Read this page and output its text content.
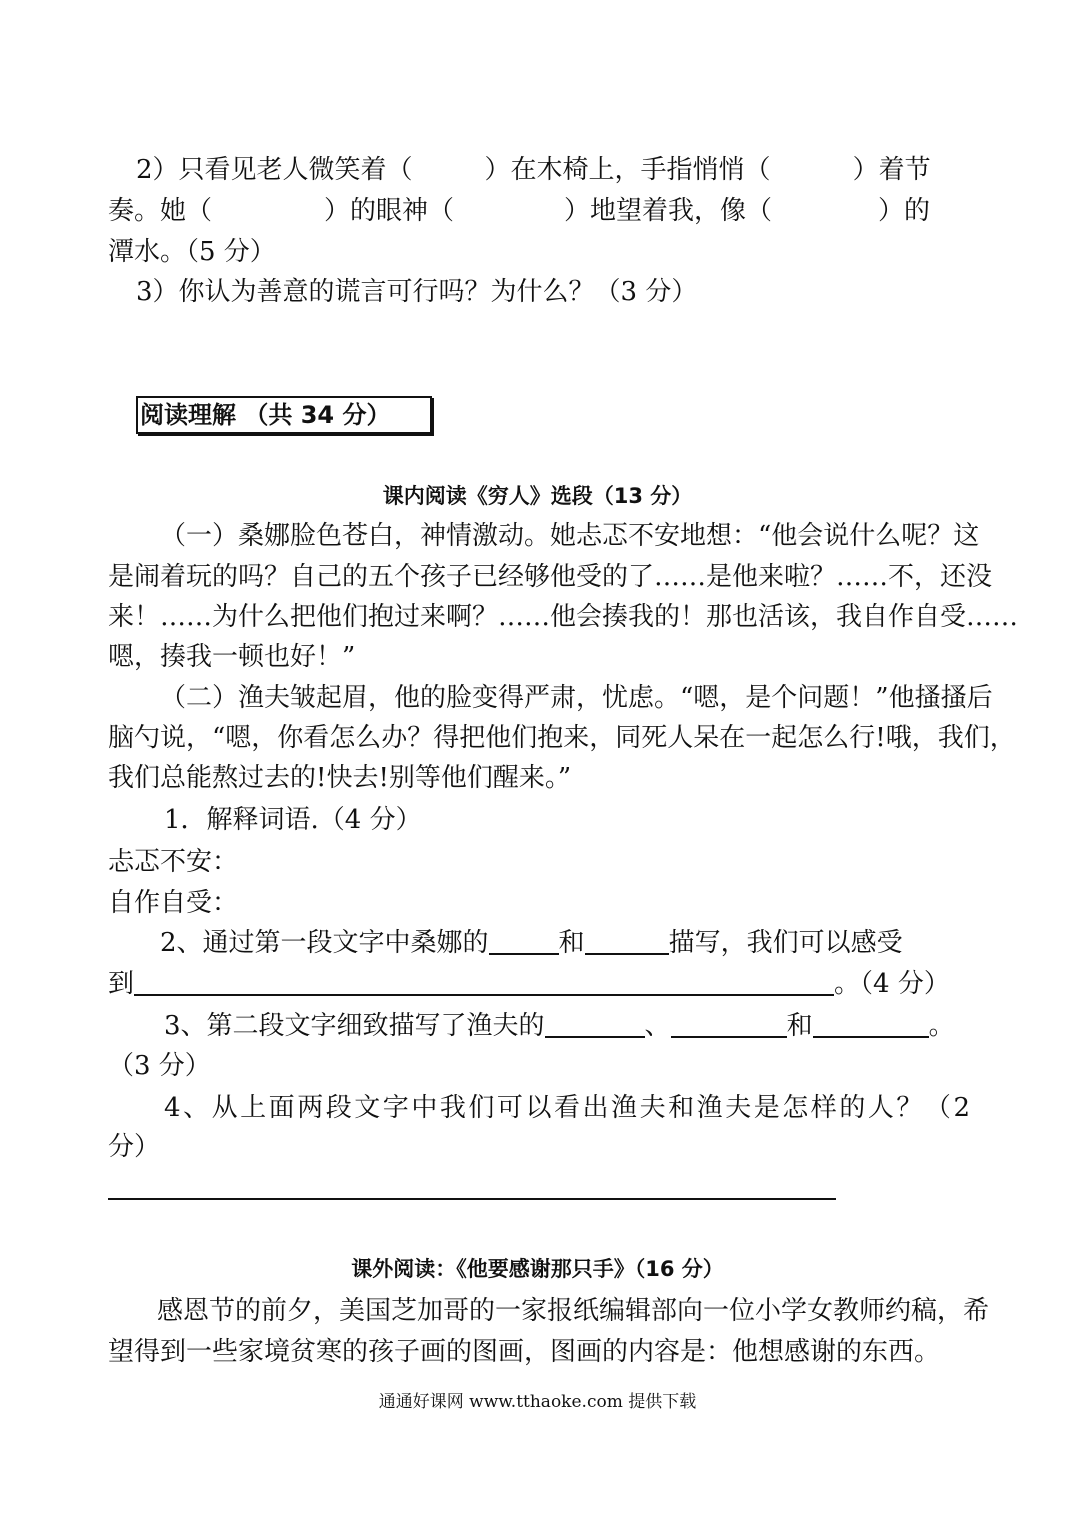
2）只看见老人微笑着（	）在木椅上，手指悄悄（	）着节
奏。她（	）的眼神（	）地望着我，像（	）的
潭水。（5 分）
3）你认为善意的谎言可行吗？为什么？（3 分）
阅读理解 （共 34 分）
课内阅读《穷人》选段（13 分）
（一）桑娜脸色苍白，神情激动。她忐忑不安地想：“他会说什么呢？这
是闹着玩的吗？自己的五个孩子已经够他受的了……是他来啦？……不，还没
来！……为什么把他们抱过来啊？……他会揍我的！那也活该，我自作自受……
嗯，揍我一顿也好！”
（二）渔夫皱起眉，他的脸变得严肃，忧虑。“嗯，是个问题！”他搔搔后
脑勺说，“嗯，你看怎么办？得把他们抱来，同死人呆在一起怎么行!哦，我们，
我们总能熬过去的!快去!别等他们醒来。”
1．解释词语.（4 分）
忐忑不安：
自作自受：
2、通过第一段文字中桑娜的	和	描写，我们可以感受
到	。（4 分）
3、第二段文字细致描写了渔夫的	、	和	。
（3 分）
4、从上面两段文字中我们可以看出渔夫和渔夫是怎样的人？（2
分）
课外阅读：《他要感谢那只手》（16 分）
感恩节的前夕，美国芝加哥的一家报纸编辑部向一位小学女教师约稿，希
望得到一些家境贫寒的孩子画的图画，图画的内容是：他想感谢的东西。
通通好课网 www.tthaoke.com 提供下载
